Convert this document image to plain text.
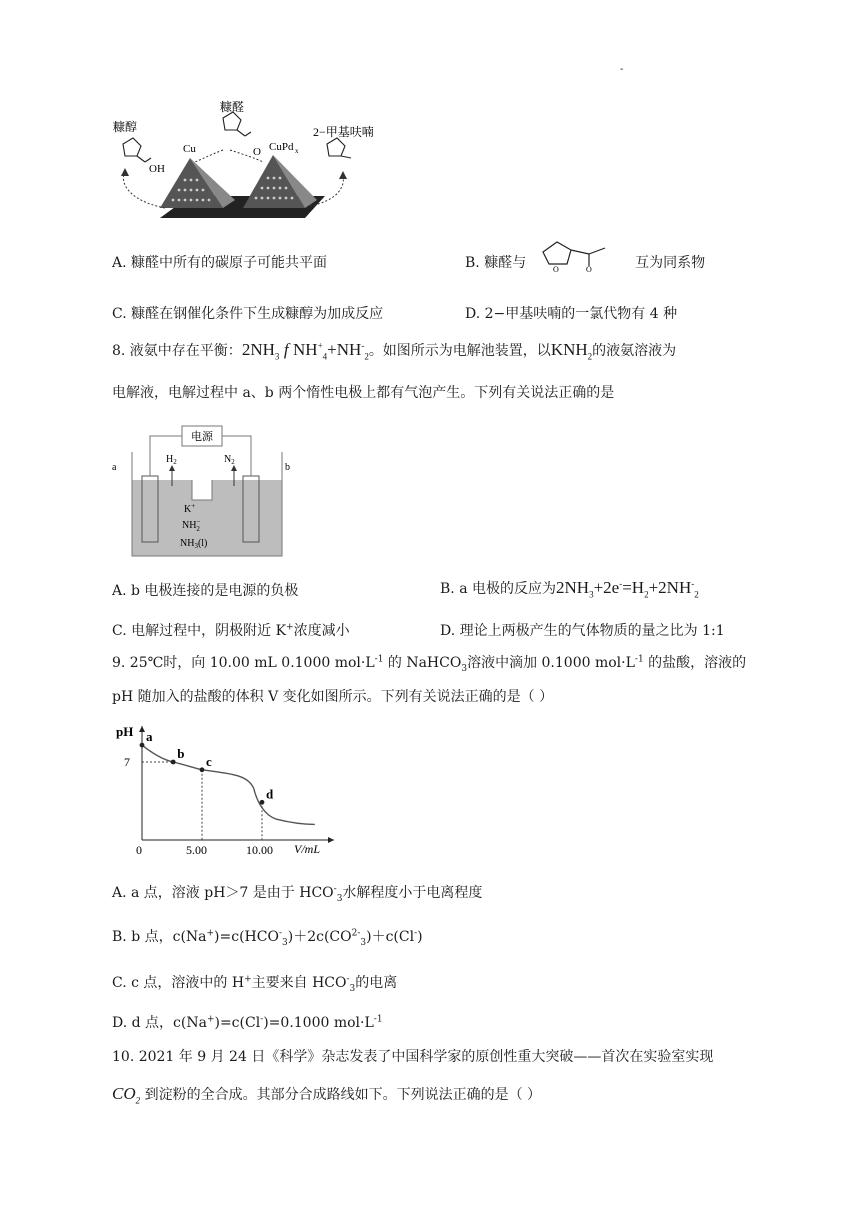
-
糠醇
糠醛
2−甲基呋喃
Cu	CuPd x
OH
O
A. 糠醛中所有的碳原子可能共平面	B. 糠醛与	O	O	互为同系物
C. 糠醛在钢催化条件下生成糠醇为加成反应	D. 2−甲基呋喃的一氯代物有 4 种
8. 液氨中存在平衡：$2NH_3$ f $NH^+_4+NH^-_2$。如图所示为电解池装置，以$KNH_2$的液氨溶液为
电解液，电解过程中 a、b 两个惰性电极上都有气泡产生。下列有关说法正确的是
电源
$H_2$	$N_2$
a	b
K+
NH− 2
$NH_3(l)$
A. b 电极连接的是电源的负极	B. a 电极的反应为$2NH_3+2e^-=H_2+2NH^-_2$
C. 电解过程中，阴极附近 K+浓度减小	D. 理论上两极产生的气体物质的量之比为 1:1
9. 25℃时，向 10.00 mL 0.1000 $mol\cdot L^{-1}$ 的 NaHCO$_3$溶液中滴加 0.1000 $mol\cdot L^{-1}$ 的盐酸，溶液的
pH 随加入的盐酸的体积 V 变化如图所示。下列有关说法正确的是（ ）
pH
V/mL
a
b
c
d
0	5.00	10.00
7
A. a 点，溶液 pH＞7 是由于 $HCO^-_3$水解程度小于电离程度
B. b 点，$c(Na^+)=c(HCO^-_3)+2c(CO^{2-}_3)+c(Cl^-)$
C. c 点，溶液中的 H+主要来自 $HCO^-_3$的电离
D. d 点，c(Na+)=c(Cl-)=0.1000 $mol\cdot L^{-1}$
10. 2021 年 9 月 24 日《科学》杂志发表了中国科学家的原创性重大突破——首次在实验室实现
$CO_2$ 到淀粉的全合成。其部分合成路线如下。下列说法正确的是（ ）
